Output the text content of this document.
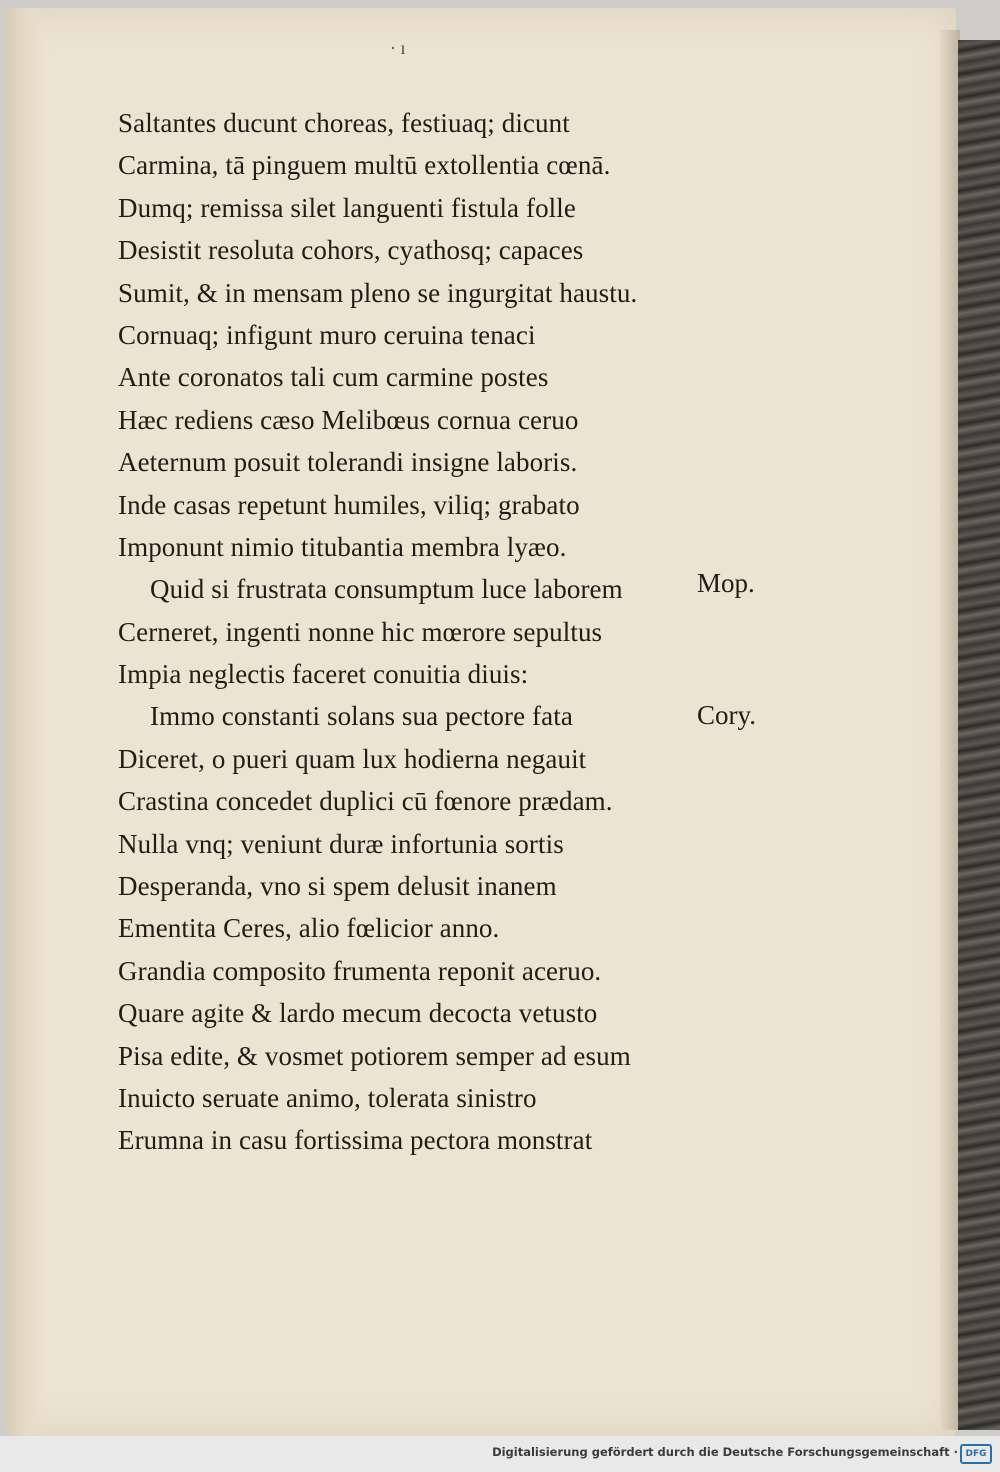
· ı
Saltantes ducunt choreas, festiuaq; dicunt
Carmina, tā pinguem multū extollentia cœnā.
Dumq; remissa silet languenti fistula folle
Desistit resoluta cohors, cyathosq; capaces
Sumit, & in mensam pleno se ingurgitat haustu.
Cornuaq; infigunt muro ceruina tenaci
Ante coronatos tali cum carmine postes
Hæc rediens cæso Melibœus cornua ceruo
Aeternum posuit tolerandi insigne laboris.
Inde casas repetunt humiles, viliq; grabato
Imponunt nimio titubantia membra lyæo.
Quid si frustrata consumptum luce laborem
Cerneret, ingenti nonne hic mœrore sepultus
Impia neglectis faceret conuitia diuis:
Immo constanti solans sua pectore fata
Diceret, o pueri quam lux hodierna negauit
Crastina concedet duplici cū fœnore prædam.
Nulla vnq; veniunt duræ infortunia sortis
Desperanda, vno si spem delusit inanem
Ementita Ceres, alio fœlicior anno.
Grandia composito frumenta reponit aceruo.
Quare agite & lardo mecum decocta vetusto
Pisa edite, & vosmet potiorem semper ad esum
Inuicto seruate animo, tolerata sinistro
Erumna in casu fortissima pectora monstrat
Mop.
Cory.
Digitalisierung gefördert durch die Deutsche Forschungsgemeinschaft · DFG
